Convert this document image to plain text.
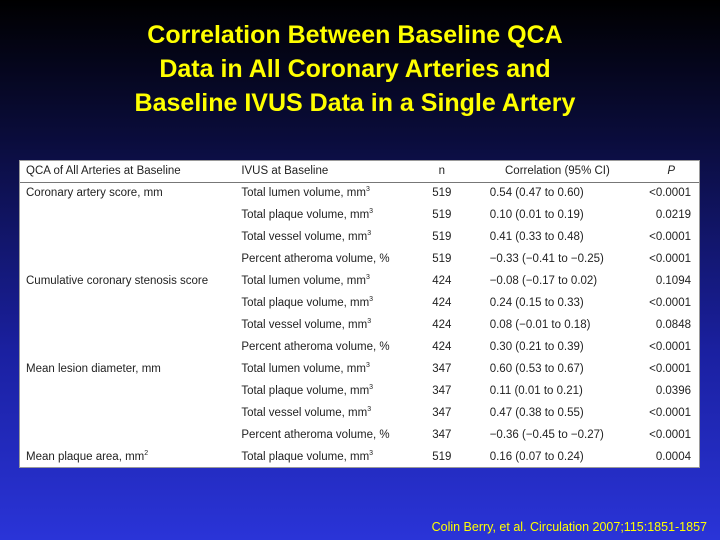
Correlation Between Baseline QCA
Data in All Coronary Arteries and
Baseline IVUS Data in a Single Artery
QCA of All Arteries at Baseline	IVUS at Baseline	n	Correlation (95% CI)	P
Coronary artery score, mm	Total lumen volume, $mm^3$	519	0.54 (0.47 to 0.60)	<0.0001
	Total plaque volume, $mm^3$	519	0.10 (0.01 to 0.19)	0.0219
	Total vessel volume, $mm^3$	519	0.41 (0.33 to 0.48)	<0.0001
	Percent atheroma volume, %	519	−0.33 (−0.41 to −0.25)	<0.0001
Cumulative coronary stenosis score	Total lumen volume, $mm^3$	424	−0.08 (−0.17 to 0.02)	0.1094
	Total plaque volume, $mm^3$	424	0.24 (0.15 to 0.33)	<0.0001
	Total vessel volume, $mm^3$	424	0.08 (−0.01 to 0.18)	0.0848
	Percent atheroma volume, %	424	0.30 (0.21 to 0.39)	<0.0001
Mean lesion diameter, mm	Total lumen volume, $mm^3$	347	0.60 (0.53 to 0.67)	<0.0001
	Total plaque volume, $mm^3$	347	0.11 (0.01 to 0.21)	0.0396
	Total vessel volume, $mm^3$	347	0.47 (0.38 to 0.55)	<0.0001
	Percent atheroma volume, %	347	−0.36 (−0.45 to −0.27)	<0.0001
Mean plaque area, $mm^2$	Total plaque volume, $mm^3$	519	0.16 (0.07 to 0.24)	0.0004
Colin Berry, et al. Circulation 2007;115:1851-1857
